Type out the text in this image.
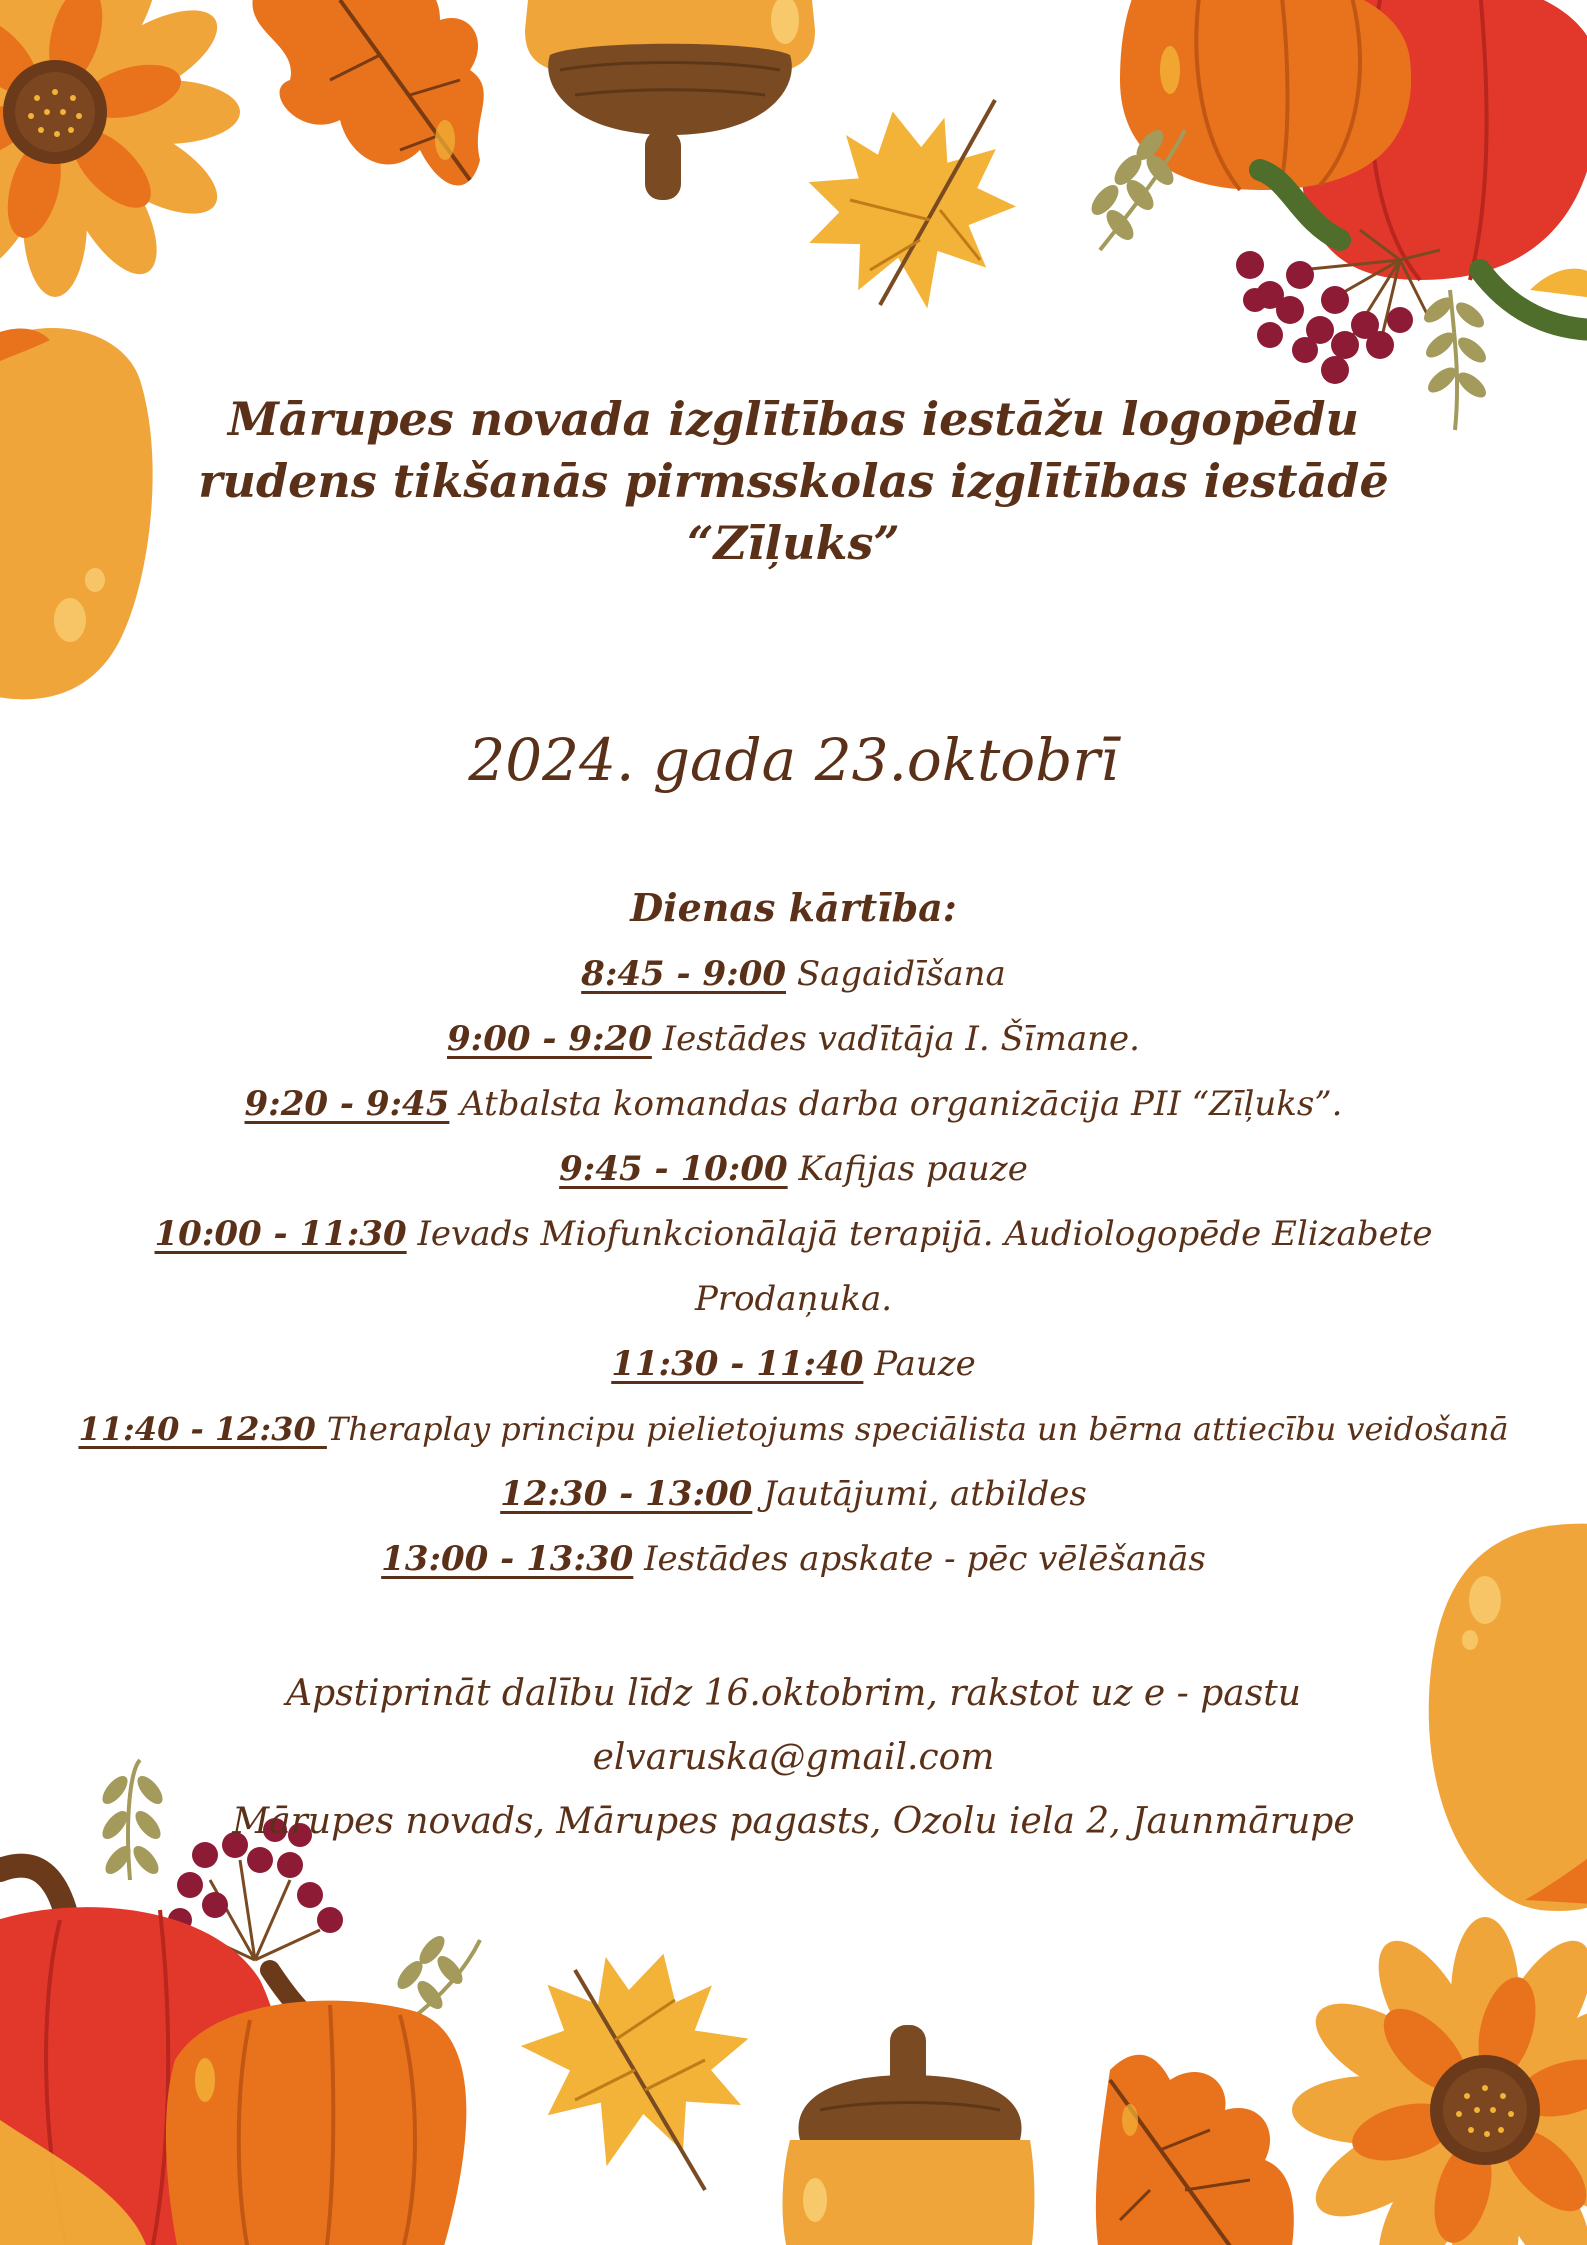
Mārupes novada izglītības iestāžu logopēdu
rudens tikšanās pirmsskolas izglītības iestādē
“Zīļuks”
2024. gada 23.oktobrī
Dienas kārtība:
8:45 - 9:00 Sagaidīšana
9:00 - 9:20 Iestādes vadītāja I. Šīmane.
9:20 - 9:45 Atbalsta komandas darba organizācija PII “Zīļuks”.
9:45 - 10:00 Kafijas pauze
10:00 - 11:30 Ievads Miofunkcionālajā terapijā. Audiologopēde Elizabete
Prodaņuka.
11:30 - 11:40 Pauze
11:40 - 12:30 Theraplay principu pielietojums speciālista un bērna attiecību veidošanā
12:30 - 13:00 Jautājumi, atbildes
13:00 - 13:30 Iestādes apskate - pēc vēlēšanās
Apstiprināt dalību līdz 16.oktobrim, rakstot uz e - pastu
elvaruska@gmail.com
Mārupes novads, Mārupes pagasts, Ozolu iela 2, Jaunmārupe
